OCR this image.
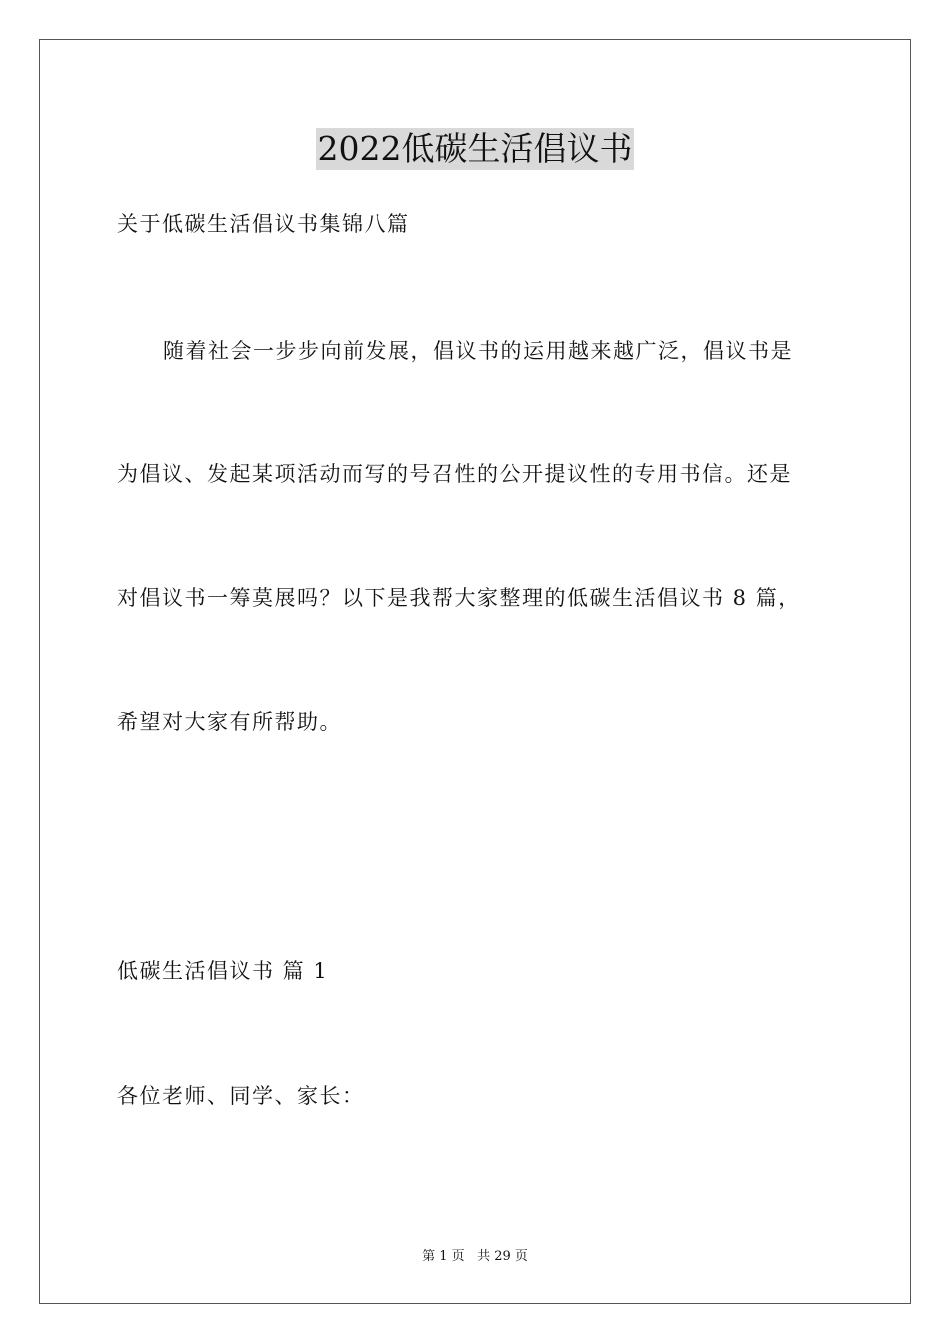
2022低碳生活倡议书
关于低碳生活倡议书集锦八篇
随着社会一步步向前发展，倡议书的运用越来越广泛，倡议书是
为倡议、发起某项活动而写的号召性的公开提议性的专用书信。还是
对倡议书一筹莫展吗？以下是我帮大家整理的低碳生活倡议书 8 篇，
希望对大家有所帮助。
低碳生活倡议书 篇 1
各位老师、同学、家长：
第 1 页 共 29 页
